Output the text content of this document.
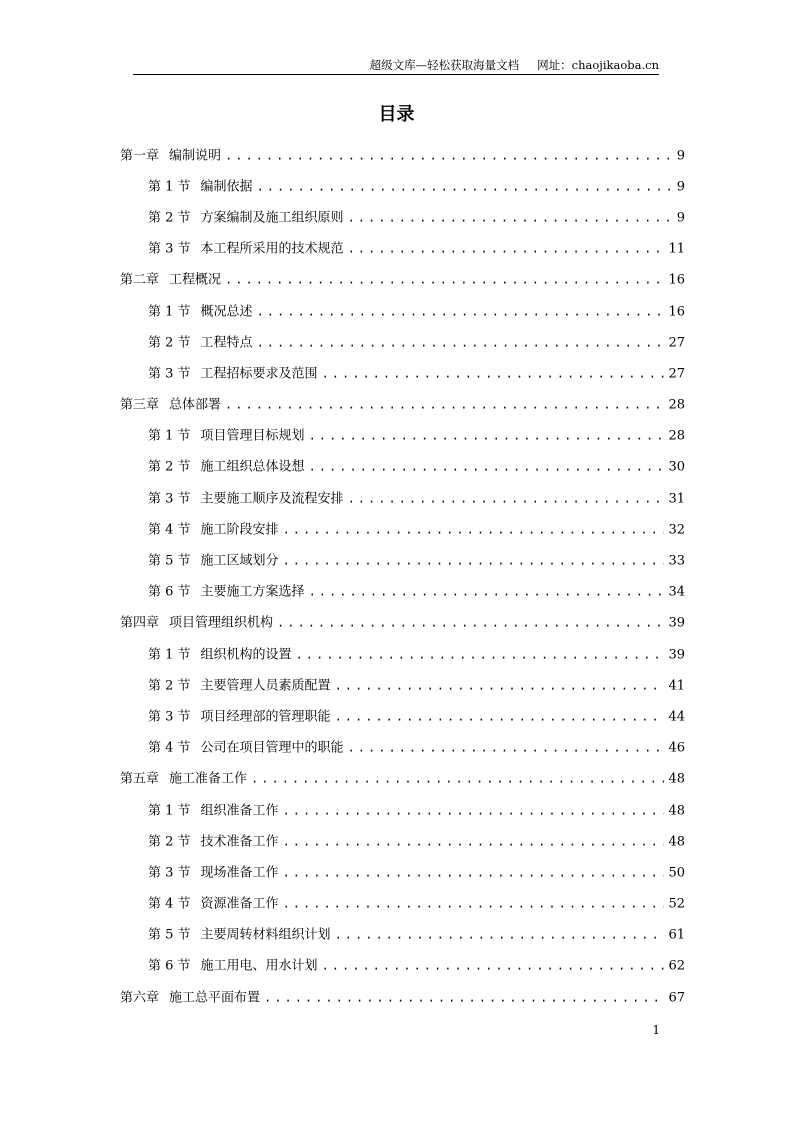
超级文库—轻松获取海量文档 网址：chaojikaoba.cn
目录
第一章 编制说明 .....	9
第 1 节 编制依据 .....	9
第 2 节 方案编制及施工组织原则 .....	9
第 3 节 本工程所采用的技术规范 .....	11
第二章 工程概况 .....	16
第 1 节 概况总述 .....	16
第 2 节 工程特点 .....	27
第 3 节 工程招标要求及范围 .....	27
第三章 总体部署 .....	28
第 1 节 项目管理目标规划 .....	28
第 2 节 施工组织总体设想 .....	30
第 3 节 主要施工顺序及流程安排 .....	31
第 4 节 施工阶段安排 .....	32
第 5 节 施工区域划分 .....	33
第 6 节 主要施工方案选择 .....	34
第四章 项目管理组织机构 .....	39
第 1 节 组织机构的设置 .....	39
第 2 节 主要管理人员素质配置 .....	41
第 3 节 项目经理部的管理职能 .....	44
第 4 节 公司在项目管理中的职能 .....	46
第五章 施工准备工作 .....	48
第 1 节 组织准备工作 .....	48
第 2 节 技术准备工作 .....	48
第 3 节 现场准备工作 .....	50
第 4 节 资源准备工作 .....	52
第 5 节 主要周转材料组织计划 .....	61
第 6 节 施工用电、用水计划 .....	62
第六章 施工总平面布置 .....	67
1
